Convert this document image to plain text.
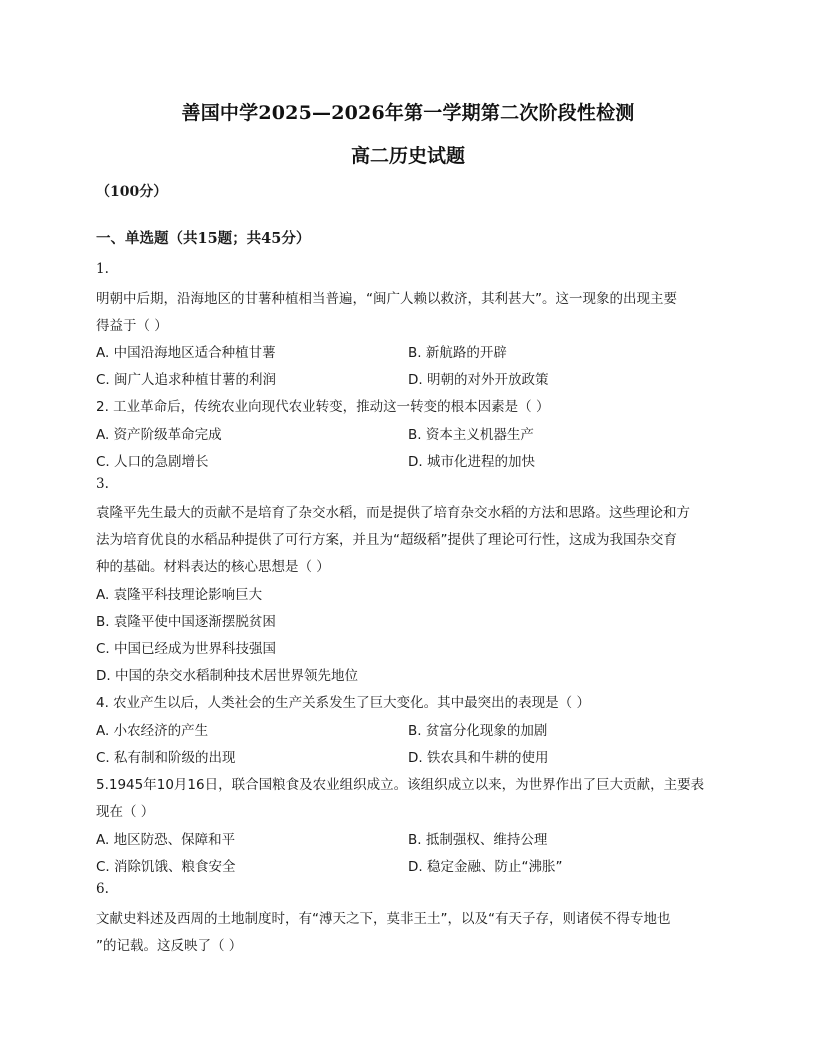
善国中学2025—2026年第一学期第二次阶段性检测
高二历史试题
（100分）
一、单选题（共15题；共45分）
1.
明朝中后期，沿海地区的甘薯种植相当普遍，“闽广人赖以救济，其利甚大”。这一现象的出现主要
得益于（ ）
A. 中国沿海地区适合种植甘薯	B. 新航路的开辟
C. 闽广人追求种植甘薯的利润	D. 明朝的对外开放政策
2. 工业革命后，传统农业向现代农业转变，推动这一转变的根本因素是（ ）
A. 资产阶级革命完成	B. 资本主义机器生产
C. 人口的急剧增长	D. 城市化进程的加快
3.
袁隆平先生最大的贡献不是培育了杂交水稻，而是提供了培育杂交水稻的方法和思路。这些理论和方
法为培育优良的水稻品种提供了可行方案，并且为“超级稻”提供了理论可行性，这成为我国杂交育
种的基础。材料表达的核心思想是（ ）
A. 袁隆平科技理论影响巨大
B. 袁隆平使中国逐渐摆脱贫困
C. 中国已经成为世界科技强国
D. 中国的杂交水稻制种技术居世界领先地位
4. 农业产生以后，人类社会的生产关系发生了巨大变化。其中最突出的表现是（ ）
A. 小农经济的产生	B. 贫富分化现象的加剧
C. 私有制和阶级的出现	D. 铁农具和牛耕的使用
5.1945年10月16日，联合国粮食及农业组织成立。该组织成立以来，为世界作出了巨大贡献，主要表
现在（ ）
A. 地区防恐、保障和平	B. 抵制强权、维持公理
C. 消除饥饿、粮食安全	D. 稳定金融、防止“沸胀”
6.
文献史料述及西周的土地制度时，有“溥天之下，莫非王土”，以及“有天子存，则诸侯不得专地也
”的记载。这反映了（ ）
